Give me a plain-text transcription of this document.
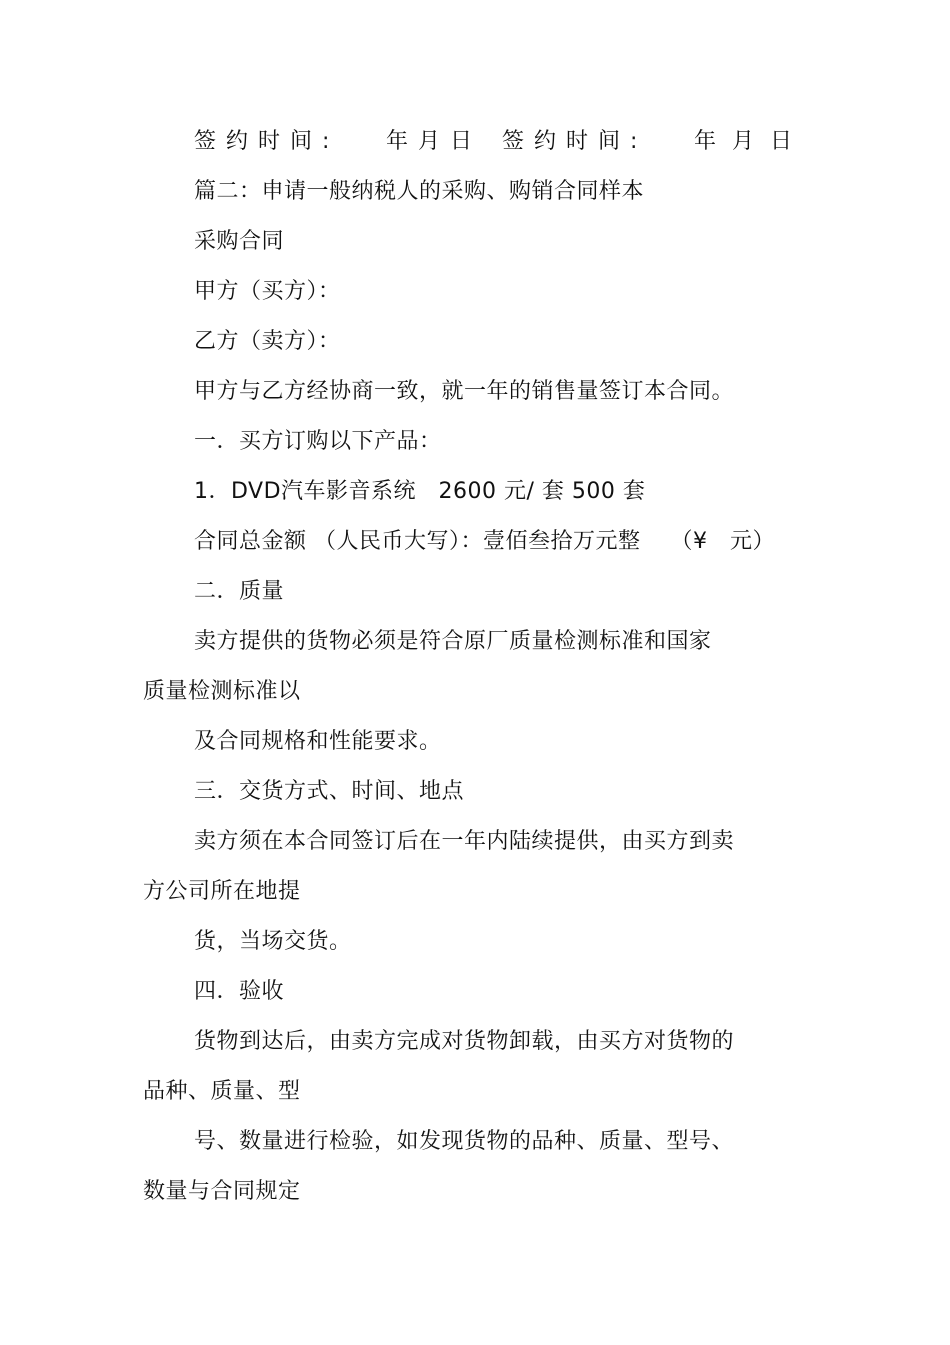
签约时间: 年月日 签约时间: 年月日
篇二：申请一般纳税人的采购、购销合同样本
采购合同
甲方（买方）：
乙方（卖方）：
甲方与乙方经协商一致，就一年的销售量签订本合同。
一．买方订购以下产品：
1．DVD汽车影音系统   2600 元/ 套 500 套
合同总金额 （人民币大写）：壹佰叁拾万元整    （¥   元）
二．质量
卖方提供的货物必须是符合原厂质量检测标准和国家
质量检测标准以
及合同规格和性能要求。
三．交货方式、时间、地点
卖方须在本合同签订后在一年内陆续提供，由买方到卖
方公司所在地提
货，当场交货。
四．验收
货物到达后，由卖方完成对货物卸载，由买方对货物的
品种、质量、型
号、数量进行检验，如发现货物的品种、质量、型号、
数量与合同规定
